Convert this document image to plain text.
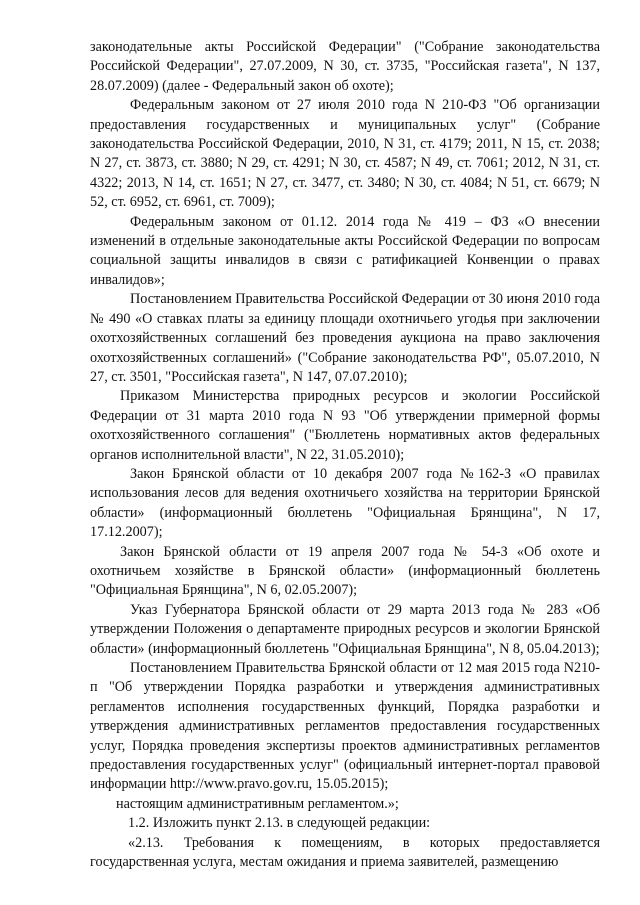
законодательные акты Российской Федерации" ("Собрание законодательства Российской Федерации", 27.07.2009, N 30, ст. 3735, "Российская газета", N 137, 28.07.2009) (далее - Федеральный закон об охоте);

Федеральным законом от 27 июля 2010 года N 210-ФЗ "Об организации предоставления государственных и муниципальных услуг" (Собрание законодательства Российской Федерации, 2010, N 31, ст. 4179; 2011, N 15, ст. 2038; N 27, ст. 3873, ст. 3880; N 29, ст. 4291; N 30, ст. 4587; N 49, ст. 7061; 2012, N 31, ст. 4322; 2013, N 14, ст. 1651; N 27, ст. 3477, ст. 3480; N 30, ст. 4084; N 51, ст. 6679; N 52, ст. 6952, ст. 6961, ст. 7009);

Федеральным законом от 01.12. 2014 года № 419 – ФЗ «О внесении изменений в отдельные законодательные акты Российской Федерации по вопросам социальной защиты инвалидов в связи с ратификацией Конвенции о правах инвалидов»;

Постановлением Правительства Российской Федерации от 30 июня 2010 года № 490 «О ставках платы за единицу площади охотничьего угодья при заключении охотхозяйственных соглашений без проведения аукциона на право заключения охотхозяйственных соглашений» ("Собрание законодательства РФ", 05.07.2010, N 27, ст. 3501, "Российская газета", N 147, 07.07.2010);

Приказом Министерства природных ресурсов и экологии Российской Федерации от 31 марта 2010 года N 93 "Об утверждении примерной формы охотхозяйственного соглашения" ("Бюллетень нормативных актов федеральных органов исполнительной власти", N 22, 31.05.2010);

Закон Брянской области от 10 декабря 2007 года №162-З «О правилах использования лесов для ведения охотничьего хозяйства на территории Брянской области» (информационный бюллетень "Официальная Брянщина", N 17, 17.12.2007);

Закон Брянской области от 19 апреля 2007 года № 54-З «Об охоте и охотничьем хозяйстве в Брянской области» (информационный бюллетень "Официальная Брянщина", N 6, 02.05.2007);

Указ Губернатора Брянской области от 29 марта 2013 года № 283 «Об утверждении Положения о департаменте природных ресурсов и экологии Брянской области» (информационный бюллетень "Официальная Брянщина", N 8, 05.04.2013);

Постановлением Правительства Брянской области от 12 мая 2015 года N210-п "Об утверждении Порядка разработки и утверждения административных регламентов исполнения государственных функций, Порядка разработки и утверждения административных регламентов предоставления государственных услуг, Порядка проведения экспертизы проектов административных регламентов предоставления государственных услуг" (официальный интернет-портал правовой информации http://www.pravo.gov.ru, 15.05.2015);

настоящим административным регламентом.»;

1.2. Изложить пункт 2.13. в следующей редакции:

«2.13. Требования к помещениям, в которых предоставляется государственная услуга, местам ожидания и приема заявителей, размещению
